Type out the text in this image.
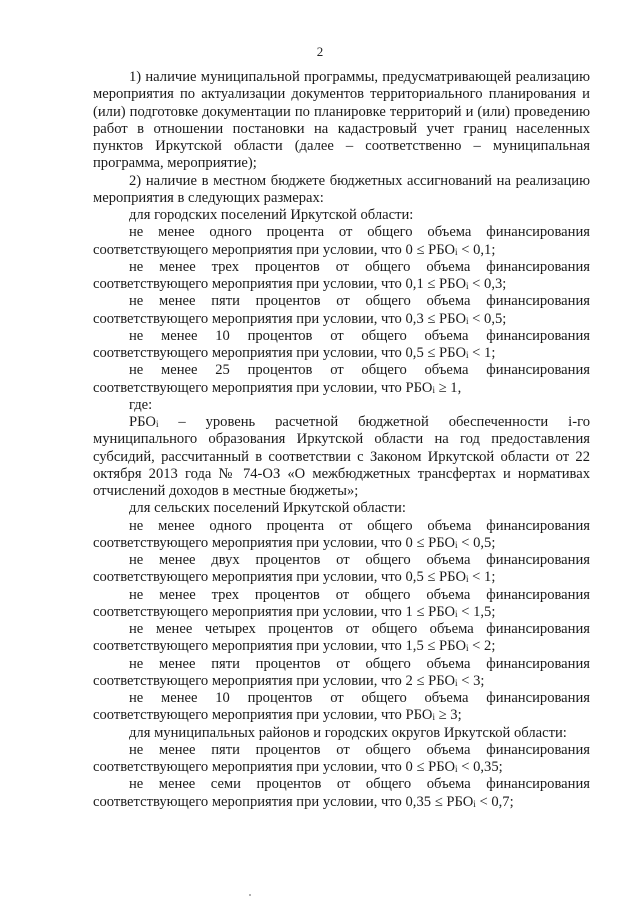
2

1) наличие муниципальной программы, предусматривающей реализацию мероприятия по актуализации документов территориального планирования и (или) подготовке документации по планировке территорий и (или) проведению работ в отношении постановки на кадастровый учет границ населенных пунктов Иркутской области (далее – соответственно – муниципальная программа, мероприятие);

2) наличие в местном бюджете бюджетных ассигнований на реализацию мероприятия в следующих размерах:

для городских поселений Иркутской области:

не менее одного процента от общего объема финансирования соответствующего мероприятия при условии, что $0 \le РБО_i < 0,1$;

не менее трех процентов от общего объема финансирования соответствующего мероприятия при условии, что $0,1 \le РБО_i < 0,3$;

не менее пяти процентов от общего объема финансирования соответствующего мероприятия при условии, что $0,3 \le РБО_i < 0,5$;

не менее 10 процентов от общего объема финансирования соответствующего мероприятия при условии, что $0,5 \le РБО_i < 1$;

не менее 25 процентов от общего объема финансирования соответствующего мероприятия при условии, что $РБО_i \ge 1$,

где:

$РБО_i$ – уровень расчетной бюджетной обеспеченности i-го муниципального образования Иркутской области на год предоставления субсидий, рассчитанный в соответствии с Законом Иркутской области от 22 октября 2013 года № 74-ОЗ «О межбюджетных трансфертах и нормативах отчислений доходов в местные бюджеты»;

для сельских поселений Иркутской области:

не менее одного процента от общего объема финансирования соответствующего мероприятия при условии, что $0 \le РБО_i < 0,5$;

не менее двух процентов от общего объема финансирования соответствующего мероприятия при условии, что $0,5 \le РБО_i < 1$;

не менее трех процентов от общего объема финансирования соответствующего мероприятия при условии, что $1 \le РБО_i < 1,5$;

не менее четырех процентов от общего объема финансирования соответствующего мероприятия при условии, что $1,5 \le РБО_i < 2$;

не менее пяти процентов от общего объема финансирования соответствующего мероприятия при условии, что $2 \le РБО_i < 3$;

не менее 10 процентов от общего объема финансирования соответствующего мероприятия при условии, что $РБО_i \ge 3$;

для муниципальных районов и городских округов Иркутской области:

не менее пяти процентов от общего объема финансирования соответствующего мероприятия при условии, что $0 \le РБО_i < 0,35$;

не менее семи процентов от общего объема финансирования соответствующего мероприятия при условии, что $0,35 \le РБО_i < 0,7$;
